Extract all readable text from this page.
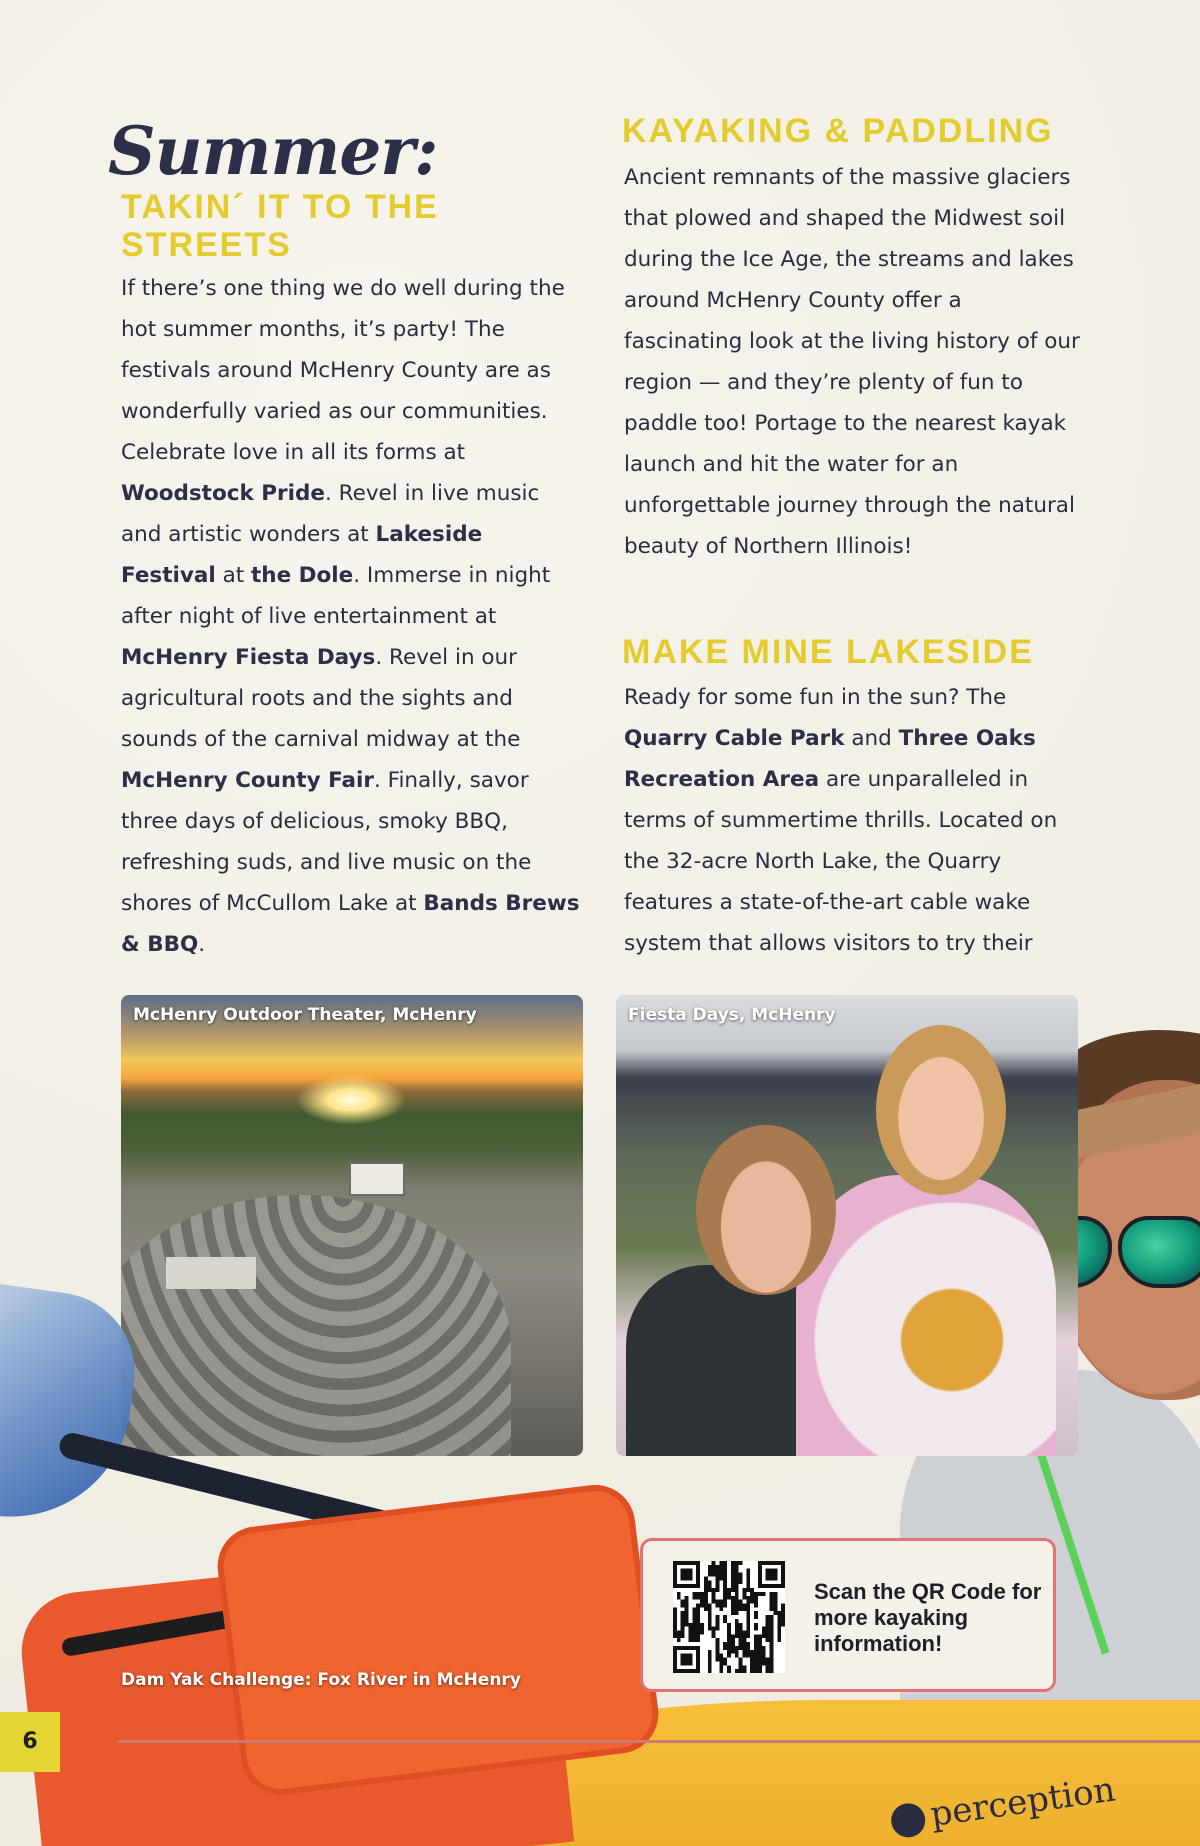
Summer:
TAKIN´ IT TO THE STREETS
If there’s one thing we do well during the hot summer months, it’s party! The festivals around McHenry County are as wonderfully varied as our communities. Celebrate love in all its forms at Woodstock Pride. Revel in live music and artistic wonders at Lakeside Festival at the Dole. Immerse in night after night of live entertainment at McHenry Fiesta Days. Revel in our agricultural roots and the sights and sounds of the carnival midway at the McHenry County Fair. Finally, savor three days of delicious, smoky BBQ, refreshing suds, and live music on the shores of McCullom Lake at Bands Brews & BBQ.
KAYAKING & PADDLING
Ancient remnants of the massive glaciers that plowed and shaped the Midwest soil during the Ice Age, the streams and lakes around McHenry County offer a fascinating look at the living history of our region — and they’re plenty of fun to paddle too! Portage to the nearest kayak launch and hit the water for an unforgettable journey through the natural beauty of Northern Illinois!
MAKE MINE LAKESIDE
Ready for some fun in the sun? The Quarry Cable Park and Three Oaks Recreation Area are unparalleled in terms of summertime thrills. Located on the 32-acre North Lake, the Quarry features a state-of-the-art cable wake system that allows visitors to try their
McHenry Outdoor Theater, McHenry	Fiesta Days, McHenry
perception
Dam Yak Challenge: Fox River in McHenry
Scan the QR Code for more kayaking information!
6
